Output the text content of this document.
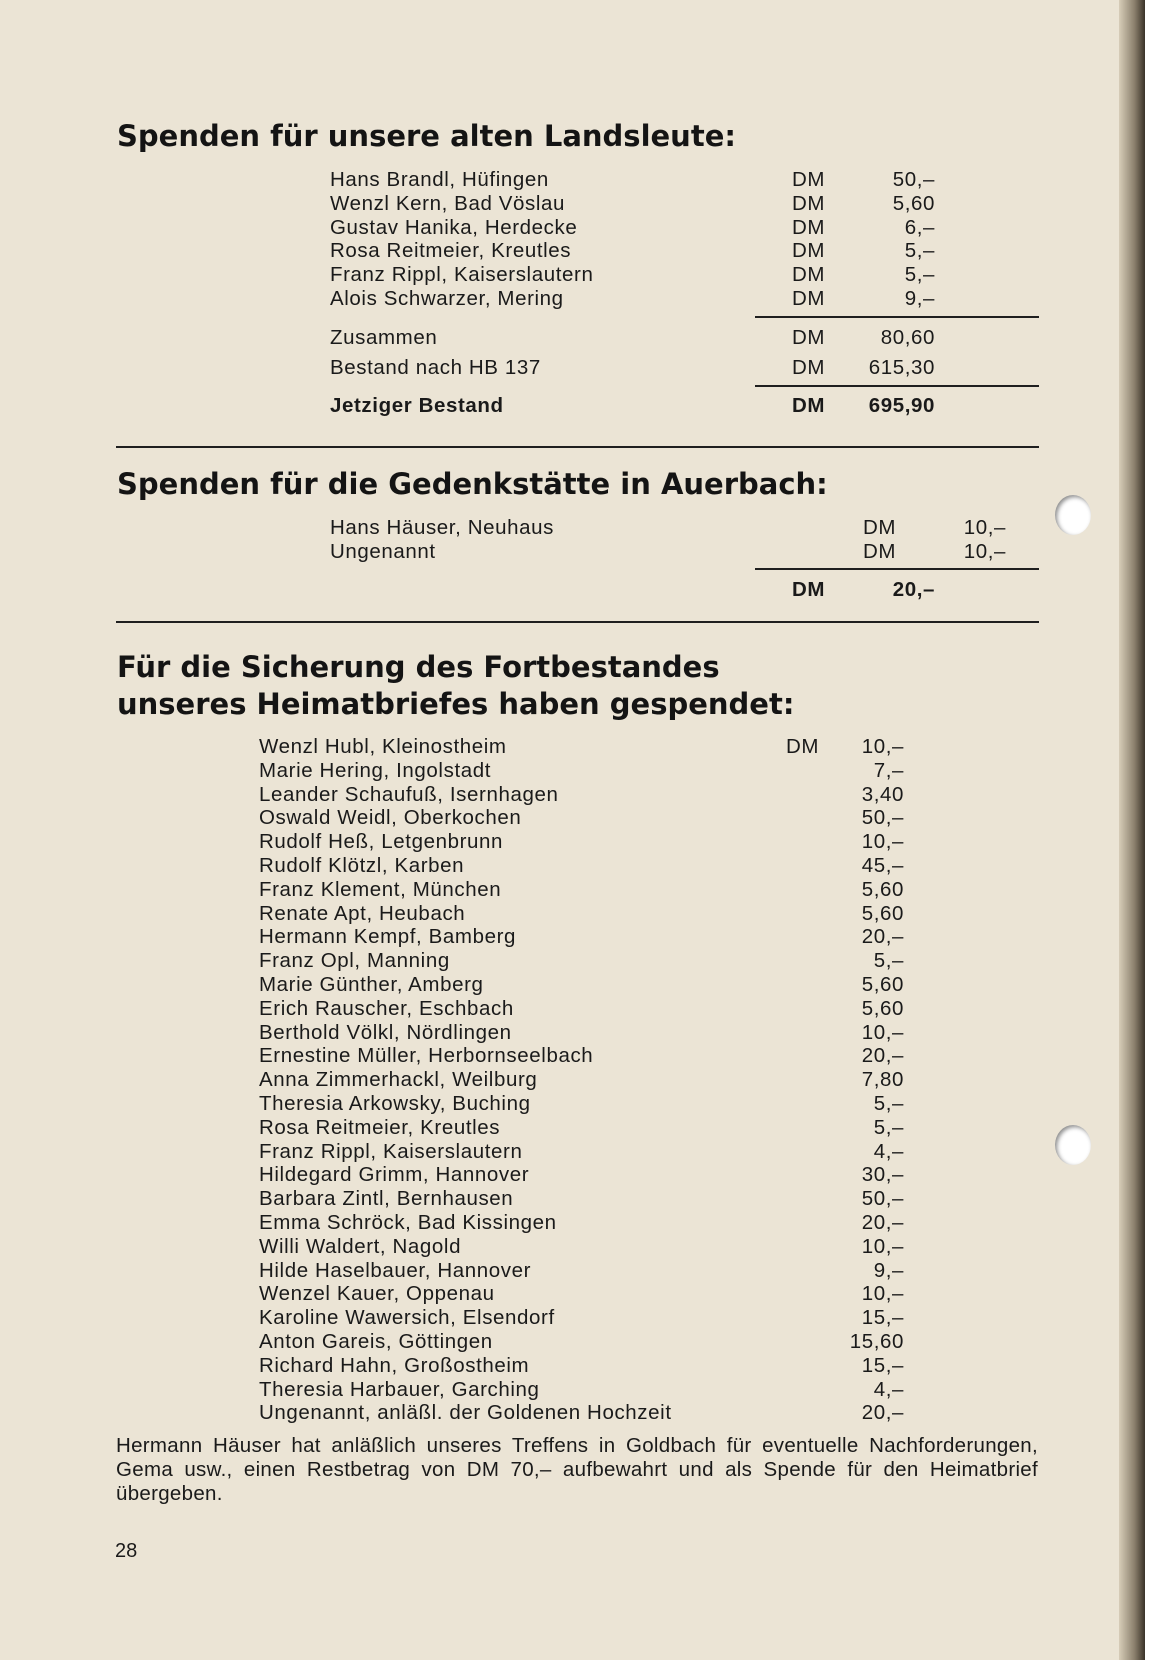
Spenden für unsere alten Landsleute:
Hans Brandl, Hüfingen	DM	50,–
Wenzl Kern, Bad Vöslau	DM	5,60
Gustav Hanika, Herdecke	DM	6,–
Rosa Reitmeier, Kreutles	DM	5,–
Franz Rippl, Kaiserslautern	DM	5,–
Alois Schwarzer, Mering	DM	9,–
Zusammen	DM	80,60
Bestand nach HB 137	DM	615,30
Jetziger Bestand	DM	695,90
Spenden für die Gedenkstätte in Auerbach:
Hans Häuser, Neuhaus	DM	10,–
Ungenannt	DM	10,–
DM	20,–
Für die Sicherung des Fortbestandes
unseres Heimatbriefes haben gespendet:
Wenzl Hubl, Kleinostheim	DM	10,–
Marie Hering, Ingolstadt	7,–
Leander Schaufuß, Isernhagen	3,40
Oswald Weidl, Oberkochen	50,–
Rudolf Heß, Letgenbrunn	10,–
Rudolf Klötzl, Karben	45,–
Franz Klement, München	5,60
Renate Apt, Heubach	5,60
Hermann Kempf, Bamberg	20,–
Franz Opl, Manning	5,–
Marie Günther, Amberg	5,60
Erich Rauscher, Eschbach	5,60
Berthold Völkl, Nördlingen	10,–
Ernestine Müller, Herbornseelbach	20,–
Anna Zimmerhackl, Weilburg	7,80
Theresia Arkowsky, Buching	5,–
Rosa Reitmeier, Kreutles	5,–
Franz Rippl, Kaiserslautern	4,–
Hildegard Grimm, Hannover	30,–
Barbara Zintl, Bernhausen	50,–
Emma Schröck, Bad Kissingen	20,–
Willi Waldert, Nagold	10,–
Hilde Haselbauer, Hannover	9,–
Wenzel Kauer, Oppenau	10,–
Karoline Wawersich, Elsendorf	15,–
Anton Gareis, Göttingen	15,60
Richard Hahn, Großostheim	15,–
Theresia Harbauer, Garching	4,–
Ungenannt, anläßl. der Goldenen Hochzeit	20,–

Hermann Häuser hat anläßlich unseres Treffens in Goldbach für eventuelle Nachforderungen, Gema usw., einen Restbetrag von DM 70,– aufbewahrt und als Spende für den Heimatbrief übergeben.

28
